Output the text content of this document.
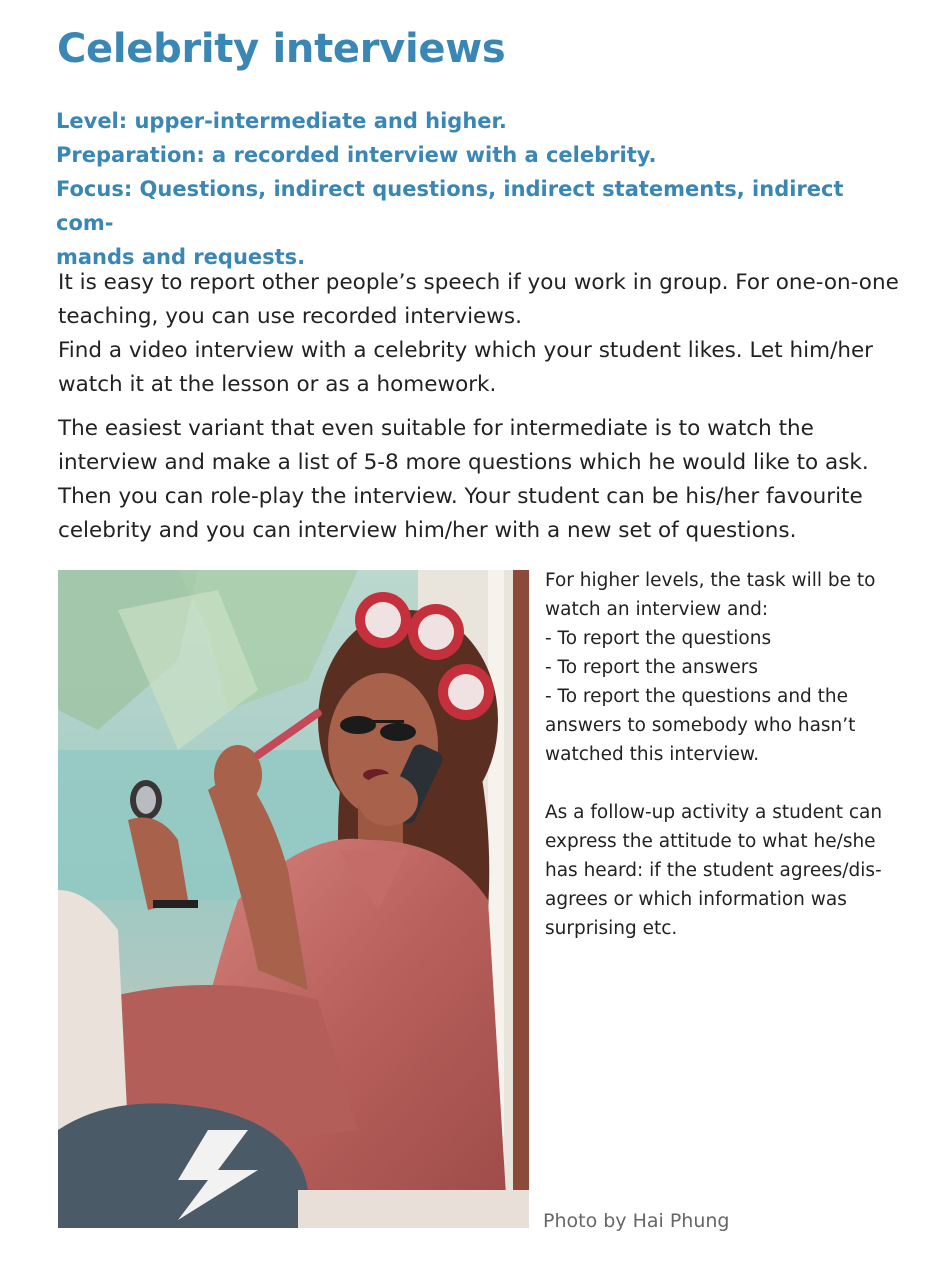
Celebrity interviews
Level: upper-intermediate and higher.
Preparation: a recorded interview with a celebrity.
Focus: Questions, indirect questions, indirect statements, indirect com-
mands and requests.

It is easy to report other people’s speech if you work in group. For one-on-one teaching, you can use recorded interviews.

Find a video interview with a celebrity which your student likes. Let him/her watch it at the lesson or as a homework.

The easiest variant that even suitable for intermediate is to watch the interview and make a list of 5-8 more questions which he would like to ask. Then you can role-play the interview. Your student can be his/her favourite celebrity and you can interview him/her with a new set of questions.

For higher levels, the task will be to
watch an interview and:
- To report the questions
- To report the answers
- To report the questions and the
answers to somebody who hasn’t
watched this interview.

As a follow-up activity a student can
express the attitude to what he/she
has heard: if the student agrees/dis-
agrees or which information was
surprising etc.

Photo by Hai Phung
